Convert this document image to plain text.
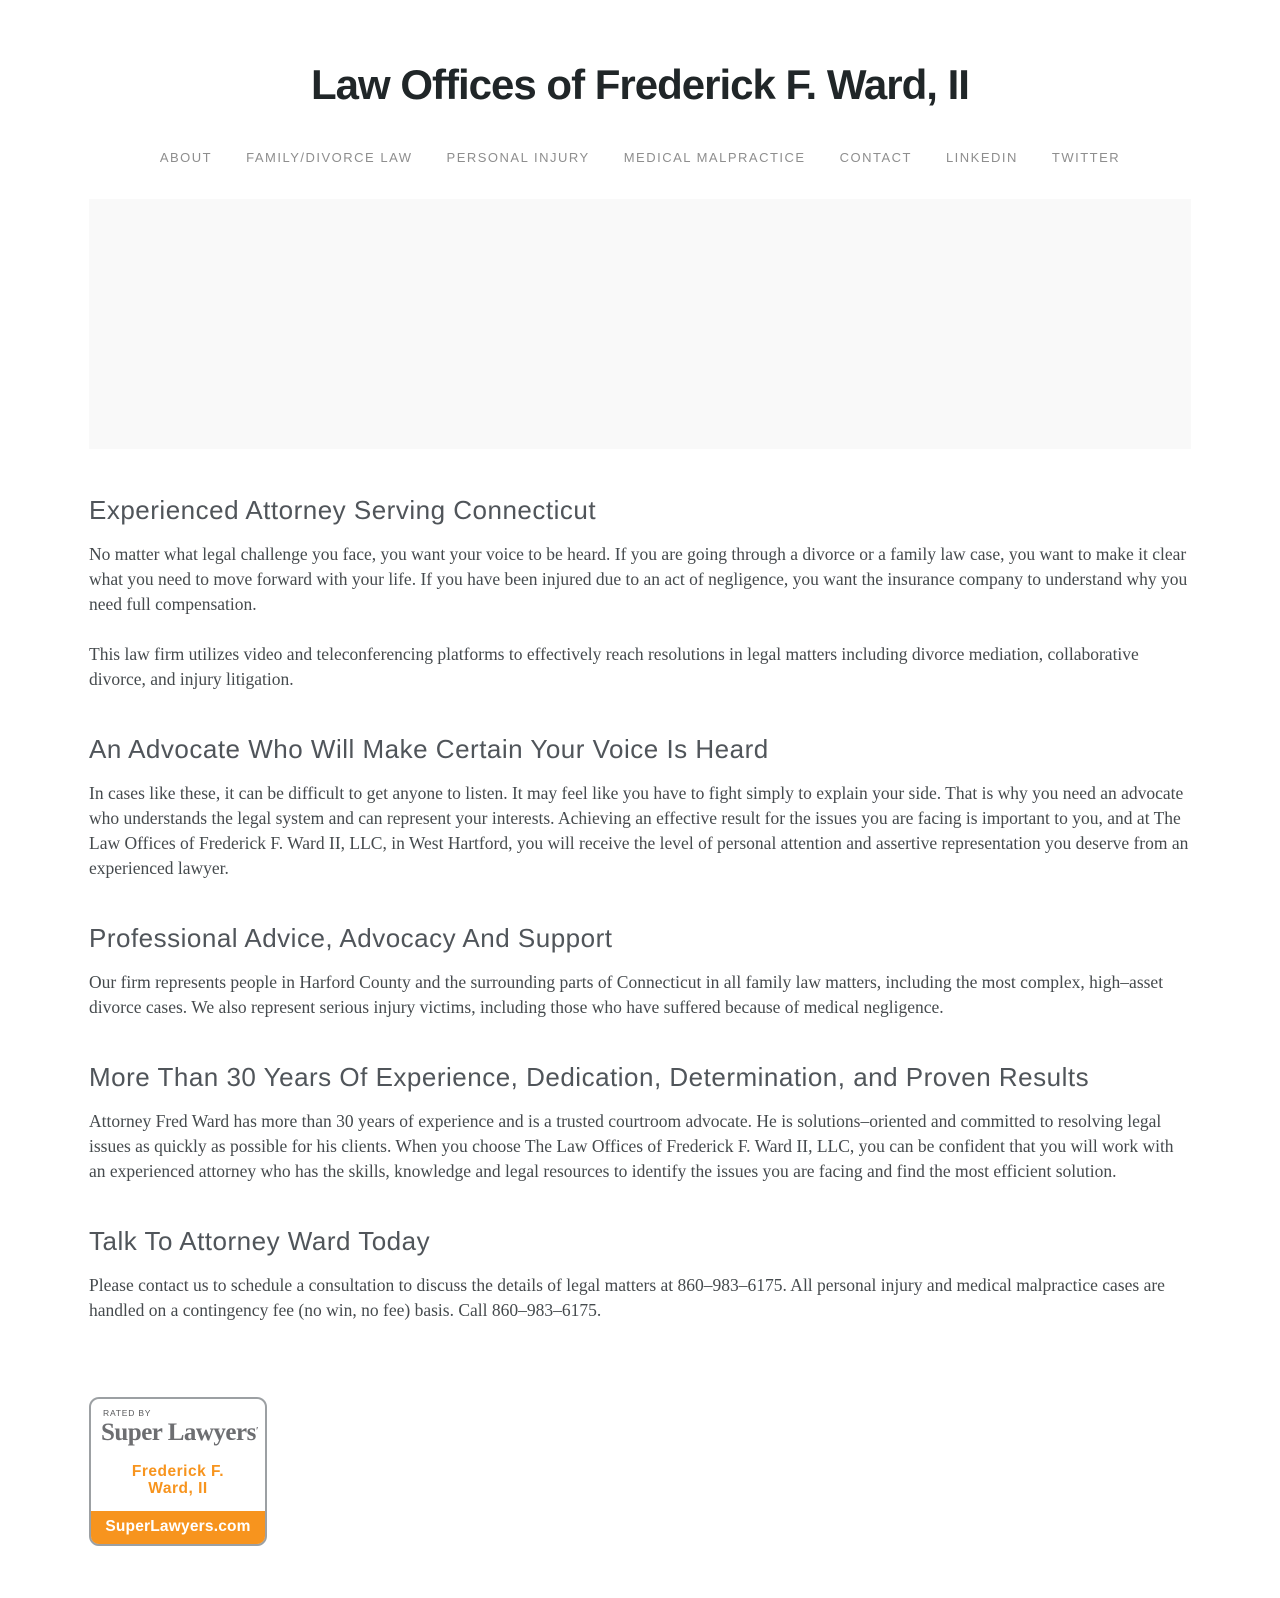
Law Offices of Frederick F. Ward, II
ABOUT	FAMILY/DIVORCE LAW	PERSONAL INJURY	MEDICAL MALPRACTICE	CONTACT	LINKEDIN	TWITTER
Experienced Attorney Serving Connecticut

No matter what legal challenge you face, you want your voice to be heard. If you are going through a divorce or a family law case, you want to make it clear what you need to move forward with your life. If you have been injured due to an act of negligence, you want the insurance company to understand why you need full compensation.

This law firm utilizes video and teleconferencing platforms to effectively reach resolutions in legal matters including divorce mediation, collaborative divorce, and injury litigation.

An Advocate Who Will Make Certain Your Voice Is Heard

In cases like these, it can be difficult to get anyone to listen. It may feel like you have to fight simply to explain your side. That is why you need an advocate who understands the legal system and can represent your interests. Achieving an effective result for the issues you are facing is important to you, and at The Law Offices of Frederick F. Ward II, LLC, in West Hartford, you will receive the level of personal attention and assertive representation you deserve from an experienced lawyer.

Professional Advice, Advocacy And Support

Our firm represents people in Harford County and the surrounding parts of Connecticut in all family law matters, including the most complex, high–asset divorce cases. We also represent serious injury victims, including those who have suffered because of medical negligence.

More Than 30 Years Of Experience, Dedication, Determination, and Proven Results

Attorney Fred Ward has more than 30 years of experience and is a trusted courtroom advocate. He is solutions–oriented and committed to resolving legal issues as quickly as possible for his clients. When you choose The Law Offices of Frederick F. Ward II, LLC, you can be confident that you will work with an experienced attorney who has the skills, knowledge and legal resources to identify the issues you are facing and find the most efficient solution.

Talk To Attorney Ward Today

Please contact us to schedule a consultation to discuss the details of legal matters at 860–983–6175. All personal injury and medical malpractice cases are handled on a contingency fee (no win, no fee) basis. Call 860–983–6175.

RATED BY
Super Lawyers$^ʹ$
Frederick F. Ward, II
SuperLawyers.com
